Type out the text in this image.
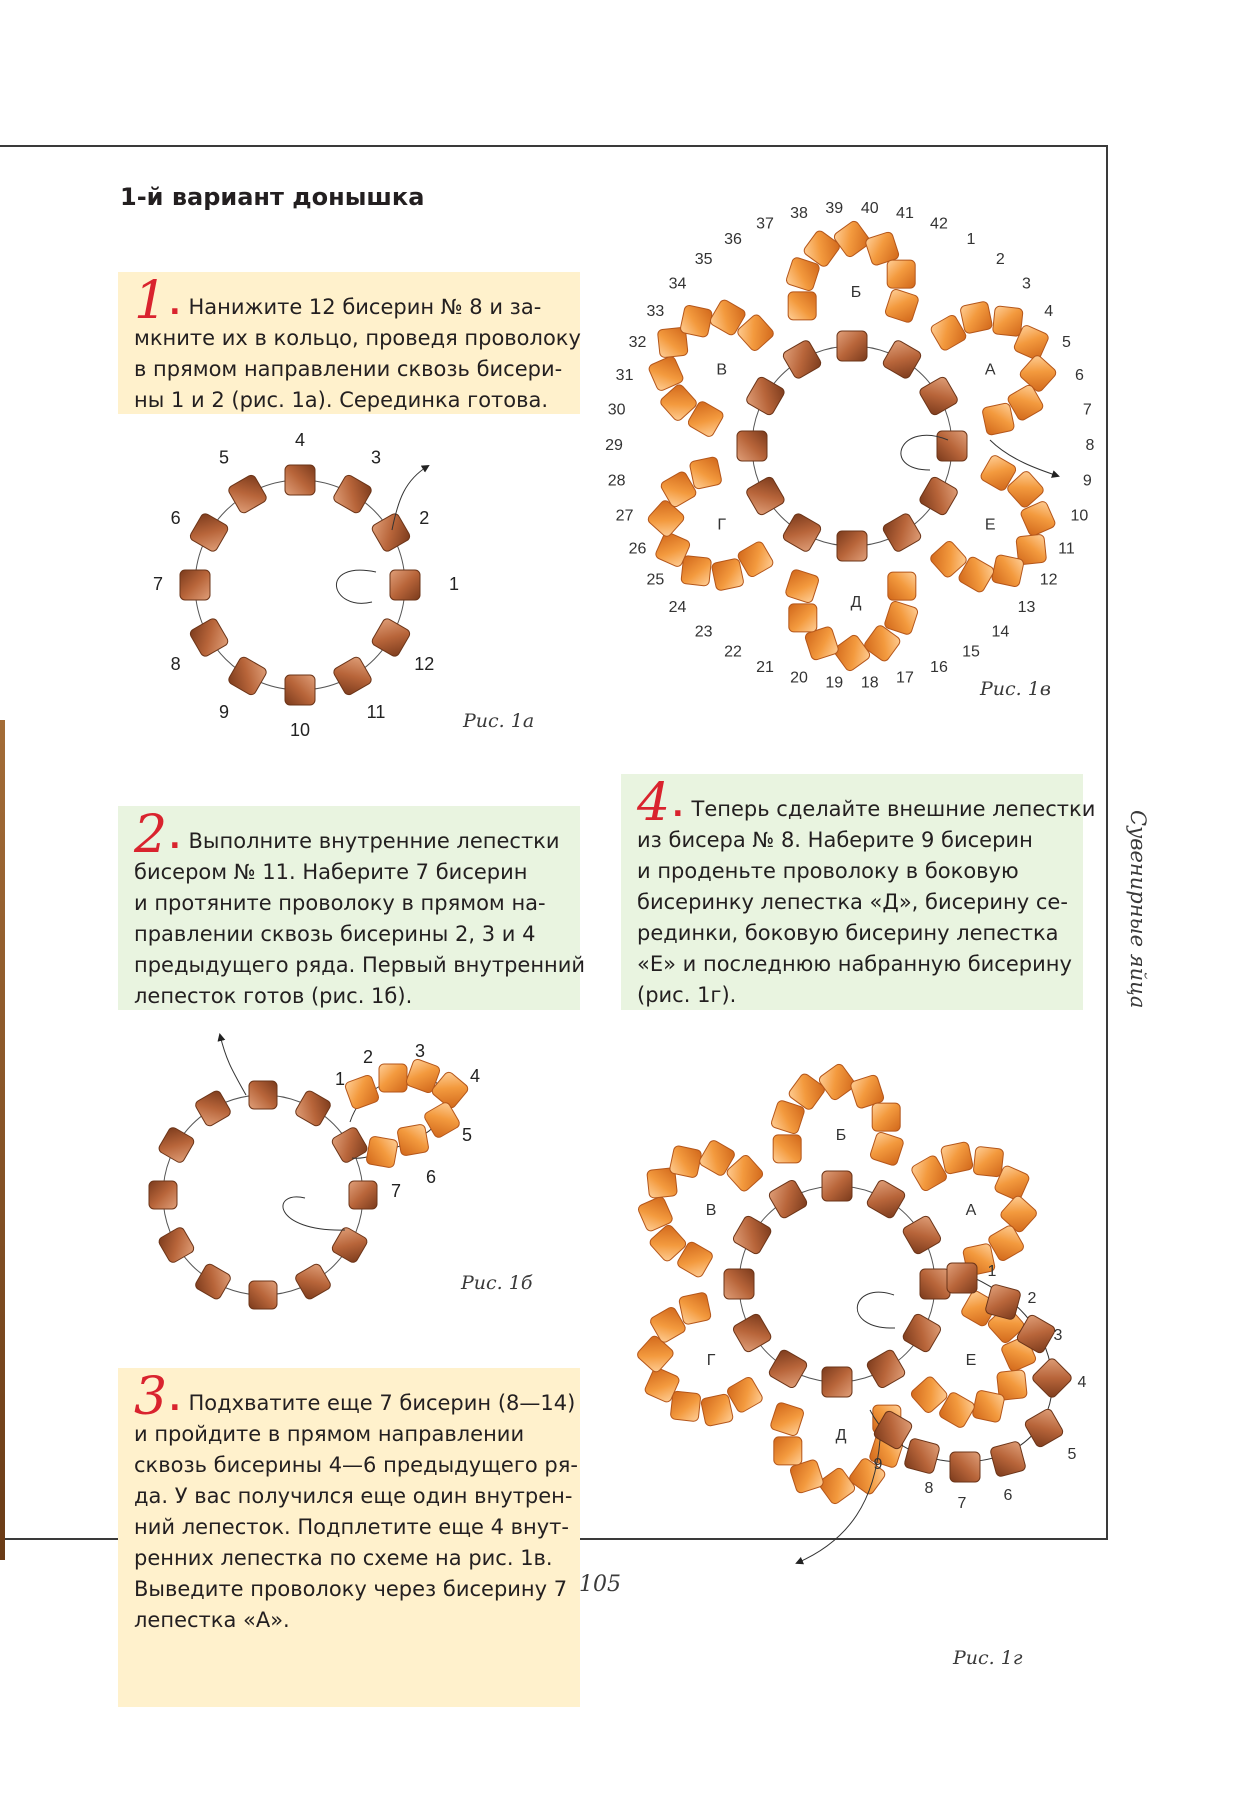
1-й вариант донышка
1. Нанижите 12 бисерин № 8 и за-
мкните их в кольцо, проведя проволоку
в прямом направлении сквозь бисери-
ны 1 и 2 (рис. 1а). Серединка готова.
2. Выполните внутренние лепестки
бисером № 11. Наберите 7 бисерин
и протяните проволоку в прямом на-
правлении сквозь бисерины 2, 3 и 4
предыдущего ряда. Первый внутренний
лепесток готов (рис. 1б).
3. Подхватите еще 7 бисерин (8—14)
и пройдите в прямом направлении
сквозь бисерины 4—6 предыдущего ря-
да. У вас получился еще один внутрен-
ний лепесток. Подплетите еще 4 внут-
ренних лепестка по схеме на рис. 1в.
Выведите проволоку через бисерину 7
лепестка «А».
4. Теперь сделайте внешние лепестки
из бисера № 8. Наберите 9 бисерин
и проденьте проволоку в боковую
бисеринку лепестка «Д», бисерину се-
рединки, боковую бисерину лепестка
«Е» и последнюю набранную бисерину
(рис. 1г).
1
2
3
4
5
6
7
8
9
10
11
12
1
2 3
4
5
6
7
А
Б
В
Г
Д
Е
1
2
3
4
5
6
7
8
9
10
11
12
13
14
15
16
17
18
19
20
21
22
23
24
25
26
27
28
29
30
31
32
33
34
35
36
37
38 39 40 41
42
Б
А
В
Г	Е
Д
1
2
3
4
5
6
7
8
9
Рис. 1а
Рис. 1б
Рис. 1в
Рис. 1г
Сувенирные яйца
105
